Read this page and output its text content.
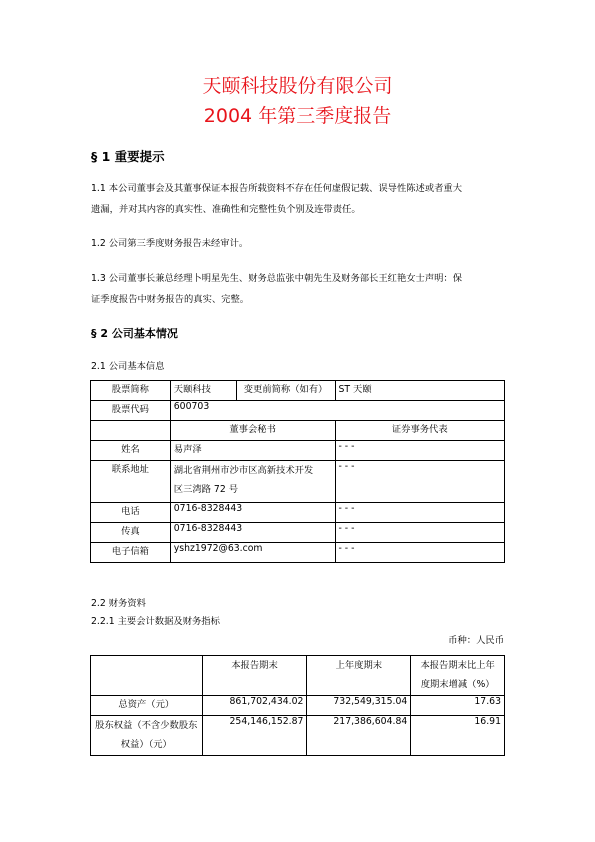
天颐科技股份有限公司
2004 年第三季度报告
§ 1 重要提示
1.1 本公司董事会及其董事保证本报告所载资料不存在任何虚假记载、误导性陈述或者重大
遗漏，并对其内容的真实性、准确性和完整性负个别及连带责任。
1.2 公司第三季度财务报告未经审计。
1.3 公司董事长兼总经理卜明星先生、财务总监张中朝先生及财务部长王红艳女士声明：保
证季度报告中财务报告的真实、完整。
§ 2 公司基本情况
2.1 公司基本信息
股票简称	天颐科技	变更前简称（如有）	ST 天颐
股票代码	600703		
	董事会秘书		证券事务代表
姓名	易声泽		- - -
联系地址	湖北省荆州市沙市区高新技术开发
区三湾路 72 号		- - -
电话	0716-8328443		- - -
传真	0716-8328443		- - -
电子信箱	yshz1972@63.com		- - -
2.2 财务资料
2.2.1 主要会计数据及财务指标
币种：人民币
	本报告期末	上年度期末	本报告期末比上年
度期末增减（%）

总资产（元）	861,702,434.02	732,549,315.04	17.63

股东权益（不含少数股东
权益）（元）	254,146,152.87	217,386,604.84	16.91
